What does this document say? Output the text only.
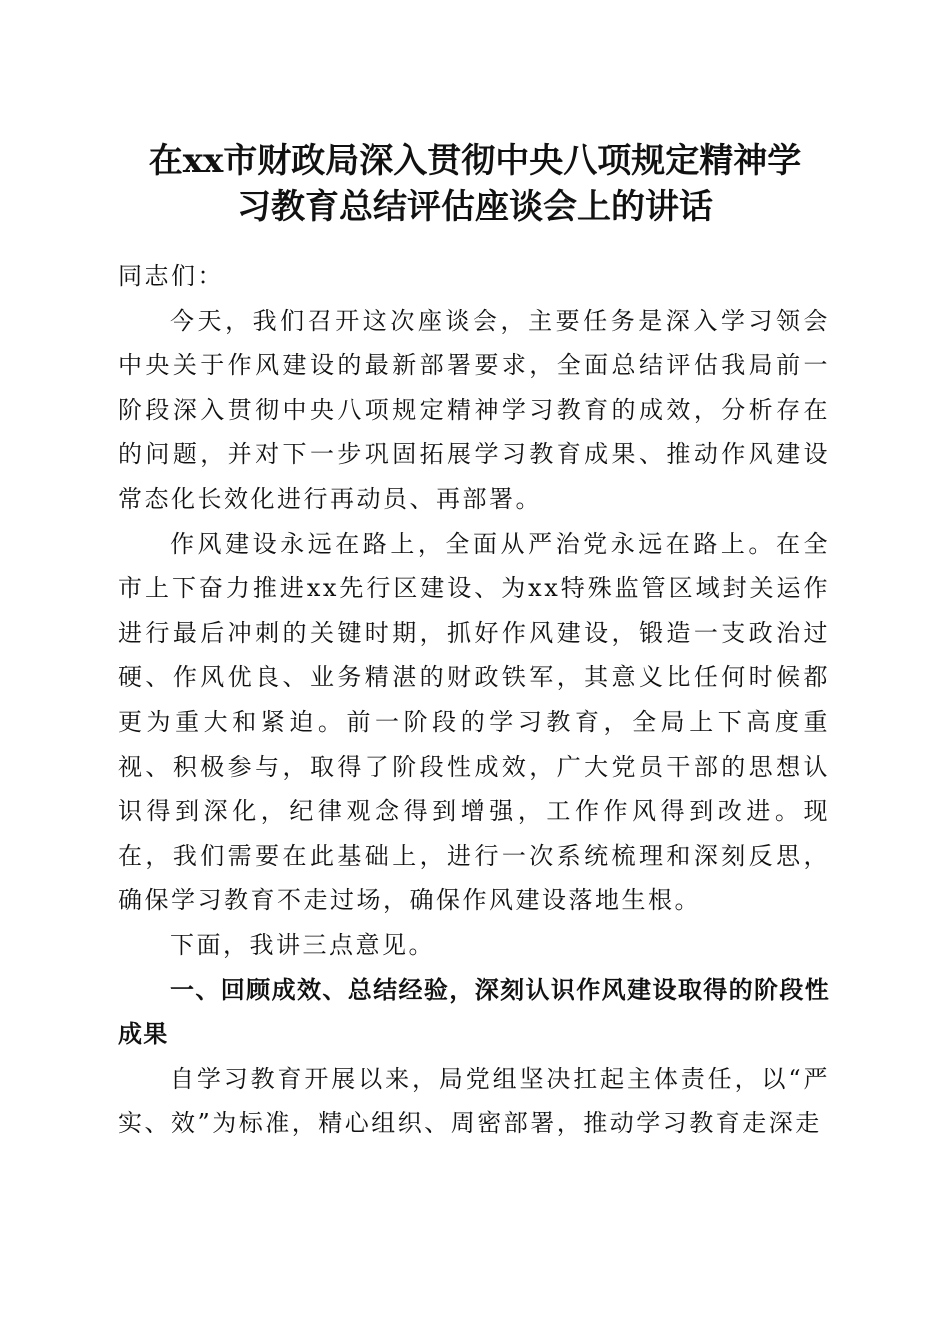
在xx市财政局深入贯彻中央八项规定精神学
习教育总结评估座谈会上的讲话

同志们：

今天，我们召开这次座谈会，主要任务是深入学习领会中央关于作风建设的最新部署要求，全面总结评估我局前一阶段深入贯彻中央八项规定精神学习教育的成效，分析存在的问题，并对下一步巩固拓展学习教育成果、推动作风建设常态化长效化进行再动员、再部署。

作风建设永远在路上，全面从严治党永远在路上。在全市上下奋力推进xx先行区建设、为xx特殊监管区域封关运作进行最后冲刺的关键时期，抓好作风建设，锻造一支政治过硬、作风优良、业务精湛的财政铁军，其意义比任何时候都更为重大和紧迫。前一阶段的学习教育，全局上下高度重视、积极参与，取得了阶段性成效，广大党员干部的思想认识得到深化，纪律观念得到增强，工作作风得到改进。现在，我们需要在此基础上，进行一次系统梳理和深刻反思，确保学习教育不走过场，确保作风建设落地生根。

下面，我讲三点意见。

一、回顾成效、总结经验，深刻认识作风建设取得的阶段性成果

自学习教育开展以来，局党组坚决扛起主体责任，以“严实、效”为标准，精心组织、周密部署，推动学习教育走深走
